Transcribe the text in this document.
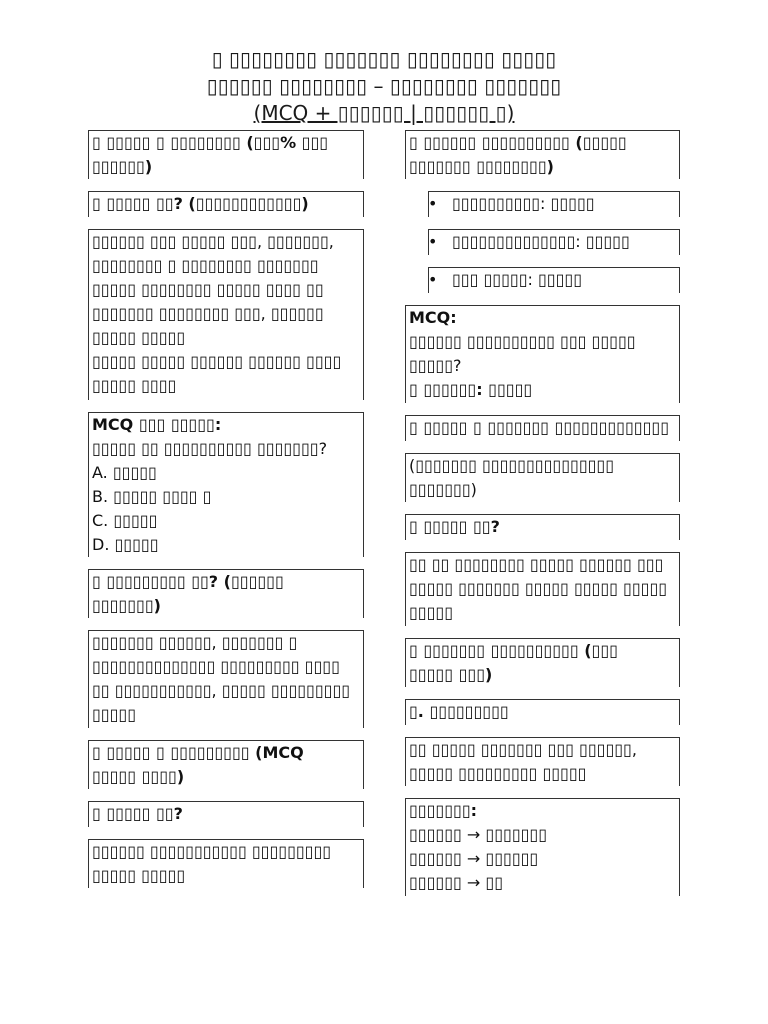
▯ ▯▯▯▯▯▯▯▯ ▯▯▯▯▯▯▯ ▯▯▯▯▯▯▯▯ ▯▯▯▯▯
▯▯▯▯▯▯ ▯▯▯▯▯▯▯▯ – ▯▯▯▯▯▯▯▯ ▯▯▯▯▯▯▯
(MCQ + ▯▯▯▯▯▯ | ▯▯▯▯▯▯ ▯)
▯ ▯▯▯▯▯ ▯ ▯▯▯▯▯▯▯▯ (▯▯▯% ▯▯▯
▯▯▯▯▯▯)
▯ ▯▯▯▯▯ ▯▯? (▯▯▯▯▯▯▯▯▯▯▯▯)
▯▯▯▯▯▯ ▯▯▯ ▯▯▯▯▯ ▯▯▯, ▯▯▯▯▯▯▯,
▯▯▯▯▯▯▯▯ ▯ ▯▯▯▯▯▯▯▯ ▯▯▯▯▯▯▯
▯▯▯▯▯ ▯▯▯▯▯▯▯▯ ▯▯▯▯▯ ▯▯▯▯ ▯▯
▯▯▯▯▯▯▯ ▯▯▯▯▯▯▯▯ ▯▯▯, ▯▯▯▯▯▯
▯▯▯▯▯ ▯▯▯▯▯
▯▯▯▯▯ ▯▯▯▯▯ ▯▯▯▯▯▯ ▯▯▯▯▯▯ ▯▯▯▯
▯▯▯▯▯ ▯▯▯▯
MCQ ▯▯▯ ▯▯▯▯▯:
▯▯▯▯▯ ▯▯ ▯▯▯▯▯▯▯▯▯▯ ▯▯▯▯▯▯▯?
A. ▯▯▯▯▯
B. ▯▯▯▯▯ ▯▯▯▯ ▯
C. ▯▯▯▯▯
D. ▯▯▯▯▯
▯ ▯▯▯▯▯▯▯▯▯ ▯▯? (▯▯▯▯▯▯
▯▯▯▯▯▯▯)
▯▯▯▯▯▯▯ ▯▯▯▯▯▯, ▯▯▯▯▯▯▯ ▯
▯▯▯▯▯▯▯▯▯▯▯▯▯▯ ▯▯▯▯▯▯▯▯▯ ▯▯▯▯
▯▯ ▯▯▯▯▯▯▯▯▯▯▯, ▯▯▯▯▯ ▯▯▯▯▯▯▯▯▯
▯▯▯▯▯
▯ ▯▯▯▯▯ ▯ ▯▯▯▯▯▯▯▯▯ (MCQ
▯▯▯▯▯ ▯▯▯▯)
▯ ▯▯▯▯▯ ▯▯?
▯▯▯▯▯▯ ▯▯▯▯▯▯▯▯▯▯▯ ▯▯▯▯▯▯▯▯▯
▯▯▯▯▯ ▯▯▯▯▯
▯ ▯▯▯▯▯▯ ▯▯▯▯▯▯▯▯▯▯ (▯▯▯▯▯
▯▯▯▯▯▯▯ ▯▯▯▯▯▯▯▯)
• ▯▯▯▯▯▯▯▯▯▯: ▯▯▯▯▯
• ▯▯▯▯▯▯▯▯▯▯▯▯▯▯: ▯▯▯▯▯
• ▯▯▯ ▯▯▯▯▯: ▯▯▯▯▯
MCQ:
▯▯▯▯▯▯ ▯▯▯▯▯▯▯▯▯▯ ▯▯▯ ▯▯▯▯▯
▯▯▯▯▯?
▯ ▯▯▯▯▯▯: ▯▯▯▯▯
▯ ▯▯▯▯▯ ▯ ▯▯▯▯▯▯▯ ▯▯▯▯▯▯▯▯▯▯▯▯▯
(▯▯▯▯▯▯▯ ▯▯▯▯▯▯▯▯▯▯▯▯▯▯▯
▯▯▯▯▯▯▯)
▯ ▯▯▯▯▯ ▯▯?
▯▯ ▯▯ ▯▯▯▯▯▯▯▯ ▯▯▯▯▯ ▯▯▯▯▯▯ ▯▯▯
▯▯▯▯▯ ▯▯▯▯▯▯▯ ▯▯▯▯▯ ▯▯▯▯▯ ▯▯▯▯▯
▯▯▯▯▯
▯ ▯▯▯▯▯▯▯ ▯▯▯▯▯▯▯▯▯▯ (▯▯▯
▯▯▯▯▯ ▯▯▯)
▯. ▯▯▯▯▯▯▯▯▯
▯▯ ▯▯▯▯▯ ▯▯▯▯▯▯▯ ▯▯▯ ▯▯▯▯▯▯,
▯▯▯▯▯ ▯▯▯▯▯▯▯▯▯ ▯▯▯▯▯
▯▯▯▯▯▯▯:
▯▯▯▯▯▯ → ▯▯▯▯▯▯▯
▯▯▯▯▯▯ → ▯▯▯▯▯▯
▯▯▯▯▯▯ → ▯▯
